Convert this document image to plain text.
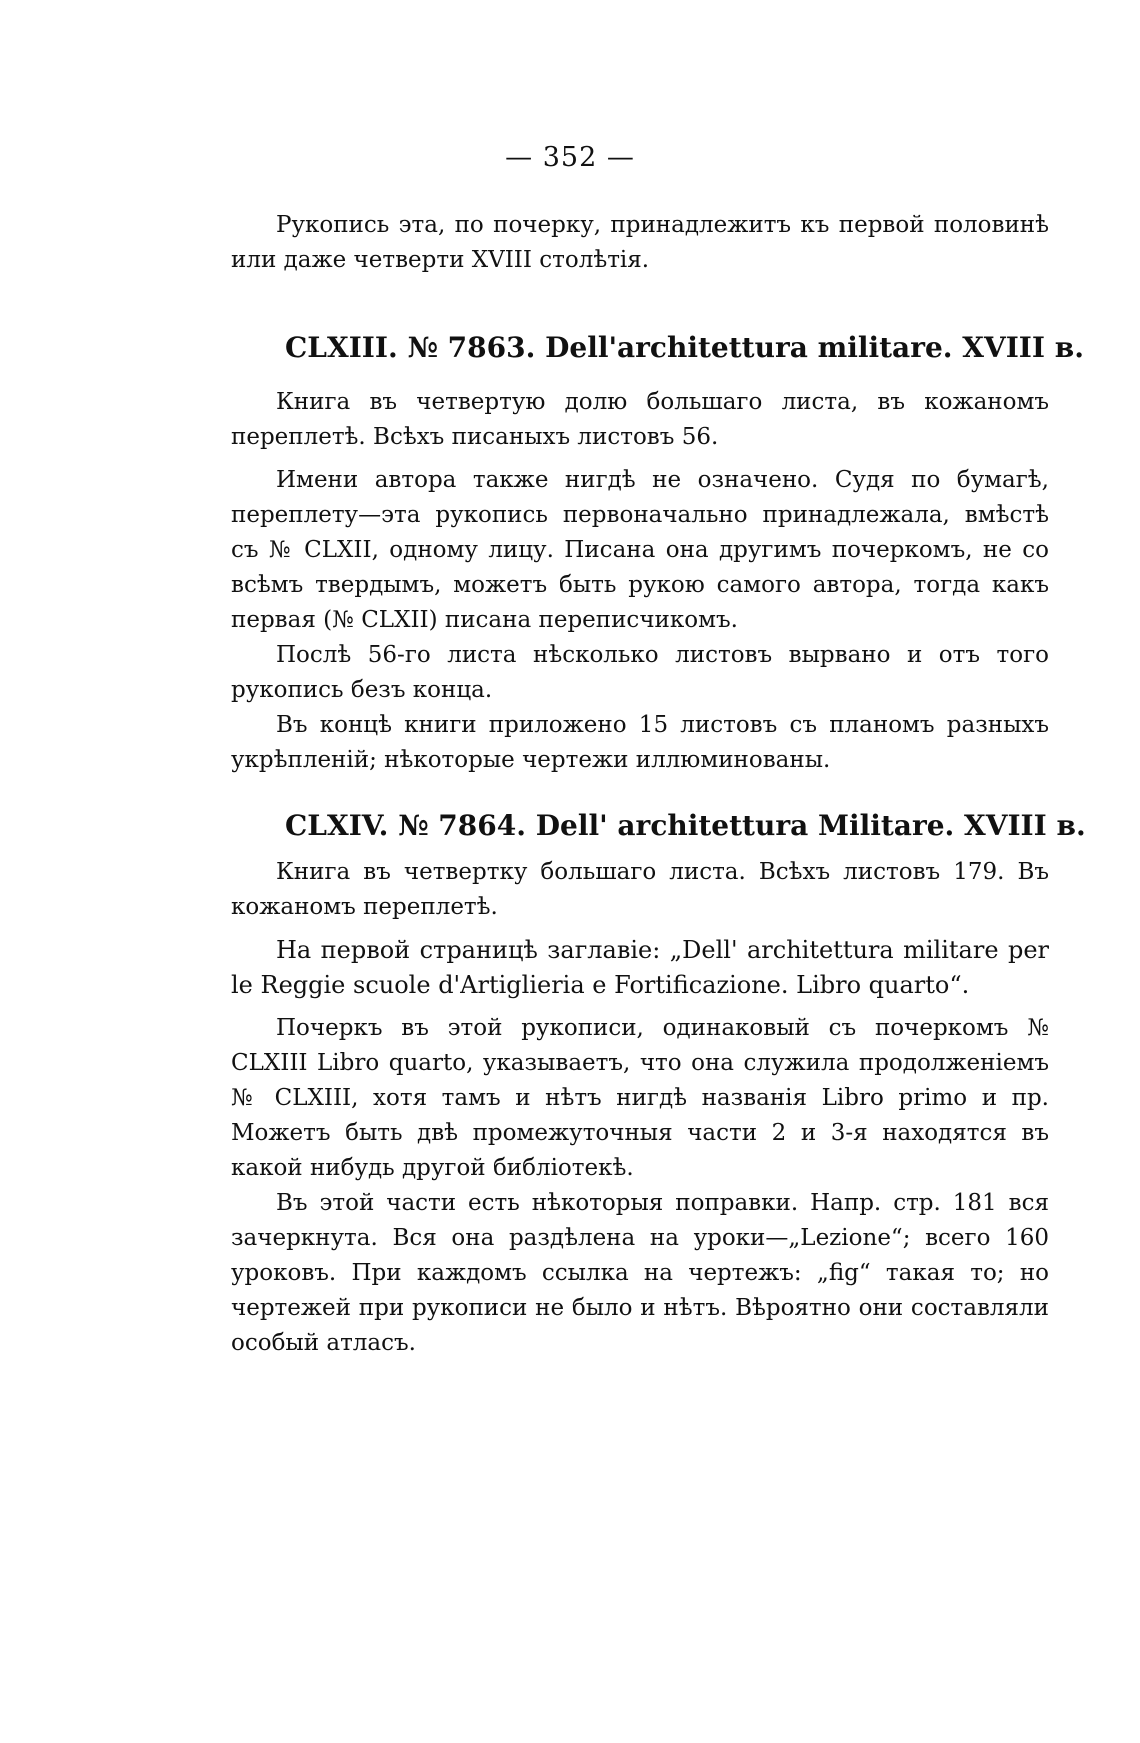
— 352 —

Рукопись эта, по почерку, принадлежитъ къ первой половинѣ или даже четверти XVIII столѣтія.

CLXIII. № 7863. Dell'architettura militare. XVIII в.

Книга въ четвертую долю большаго листа, въ кожаномъ переплетѣ. Всѣхъ писаныхъ листовъ 56.

Имени автора также нигдѣ не означено. Судя по бумагѣ, переплету—эта рукопись первоначально принадлежала, вмѣстѣ съ № CLXII, одному лицу. Писана она другимъ почеркомъ, не со всѣмъ твердымъ, можетъ быть рукою самого автора, тогда какъ первая (№ CLXII) писана переписчикомъ.

Послѣ 56-го листа нѣсколько листовъ вырвано и отъ того рукопись безъ конца.

Въ концѣ книги приложено 15 листовъ съ планомъ разныхъ укрѣпленій; нѣкоторые чертежи иллюминованы.

CLXIV. № 7864. Dell' architettura Militare. XVIII в.

Книга въ четвертку большаго листа. Всѣхъ листовъ 179. Въ кожаномъ переплетѣ.

На первой страницѣ заглавіе: „Dell' architettura militare per le Reggie scuole d'Artiglieria e Fortificazione. Libro quarto“.

Почеркъ въ этой рукописи, одинаковый съ почеркомъ № CLXIII Libro quarto, указываетъ, что она служила продолженіемъ № CLXIII, хотя тамъ и нѣтъ нигдѣ названія Libro primo и пр. Можетъ быть двѣ промежуточныя части 2 и 3-я находятся въ какой нибудь другой библіотекѣ.

Въ этой части есть нѣкоторыя поправки. Напр. стр. 181 вся зачеркнута. Вся она раздѣлена на уроки—„Lezione“; всего 160 уроковъ. При каждомъ ссылка на чертежъ: „fig“ такая то; но чертежей при рукописи не было и нѣтъ. Вѣроятно они составляли особый атласъ.
